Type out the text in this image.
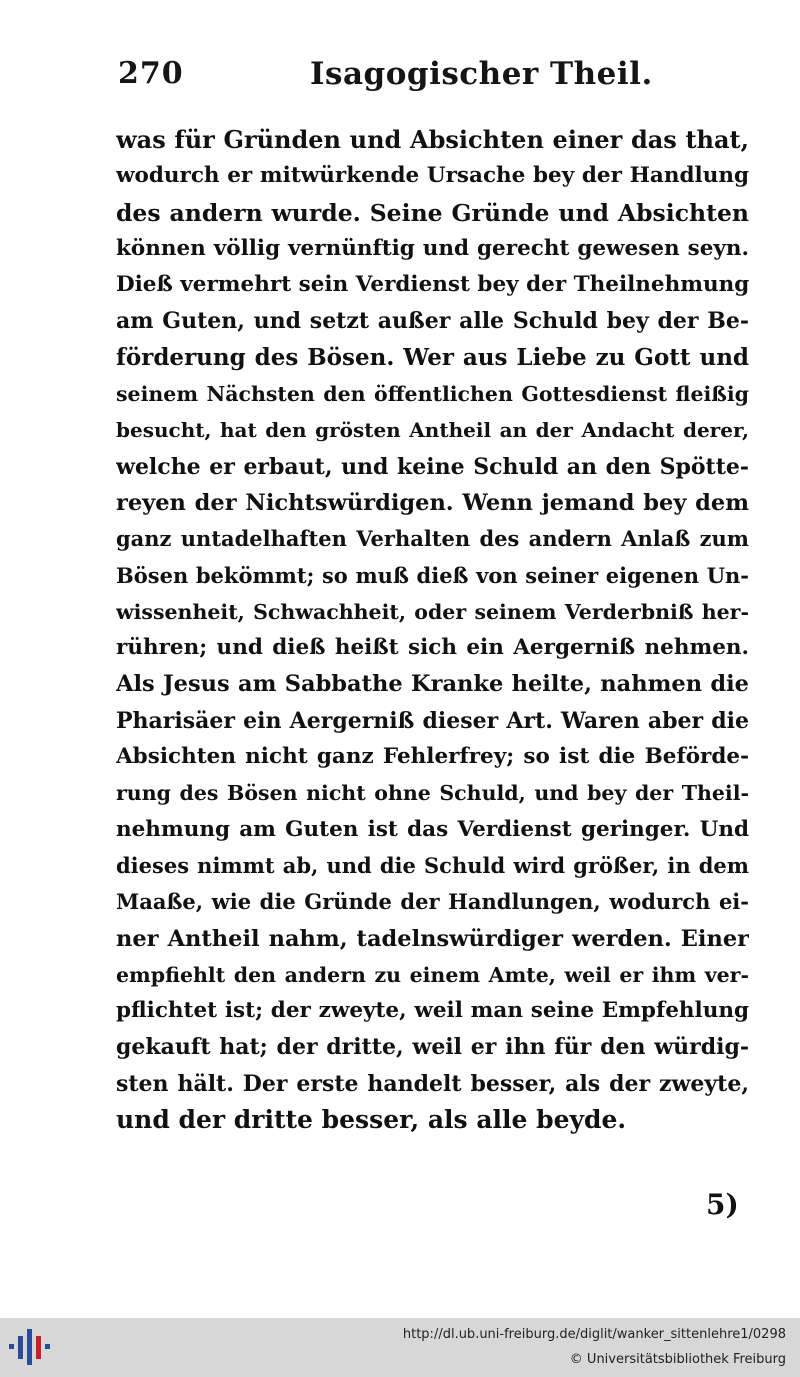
270	Isagogischer Theil.
was für Gründen und Absichten einer das that,
wodurch er mitwürkende Ursache bey der Handlung
des andern wurde. Seine Gründe und Absichten
können völlig vernünftig und gerecht gewesen seyn.
Dieß vermehrt sein Verdienst bey der Theilnehmung
am Guten, und setzt außer alle Schuld bey der Be-
förderung des Bösen. Wer aus Liebe zu Gott und
seinem Nächsten den öffentlichen Gottesdienst fleißig
besucht, hat den grösten Antheil an der Andacht derer,
welche er erbaut, und keine Schuld an den Spötte-
reyen der Nichtswürdigen. Wenn jemand bey dem
ganz untadelhaften Verhalten des andern Anlaß zum
Bösen bekömmt; so muß dieß von seiner eigenen Un-
wissenheit, Schwachheit, oder seinem Verderbniß her-
rühren; und dieß heißt sich ein Aergerniß nehmen.
Als Jesus am Sabbathe Kranke heilte, nahmen die
Pharisäer ein Aergerniß dieser Art. Waren aber die
Absichten nicht ganz Fehlerfrey; so ist die Beförde-
rung des Bösen nicht ohne Schuld, und bey der Theil-
nehmung am Guten ist das Verdienst geringer. Und
dieses nimmt ab, und die Schuld wird größer, in dem
Maaße, wie die Gründe der Handlungen, wodurch ei-
ner Antheil nahm, tadelnswürdiger werden. Einer
empfiehlt den andern zu einem Amte, weil er ihm ver-
pflichtet ist; der zweyte, weil man seine Empfehlung
gekauft hat; der dritte, weil er ihn für den würdig-
sten hält. Der erste handelt besser, als der zweyte,
und der dritte besser, als alle beyde.
5)
http://dl.ub.uni-freiburg.de/diglit/wanker_sittenlehre1/0298
© Universitätsbibliothek Freiburg
